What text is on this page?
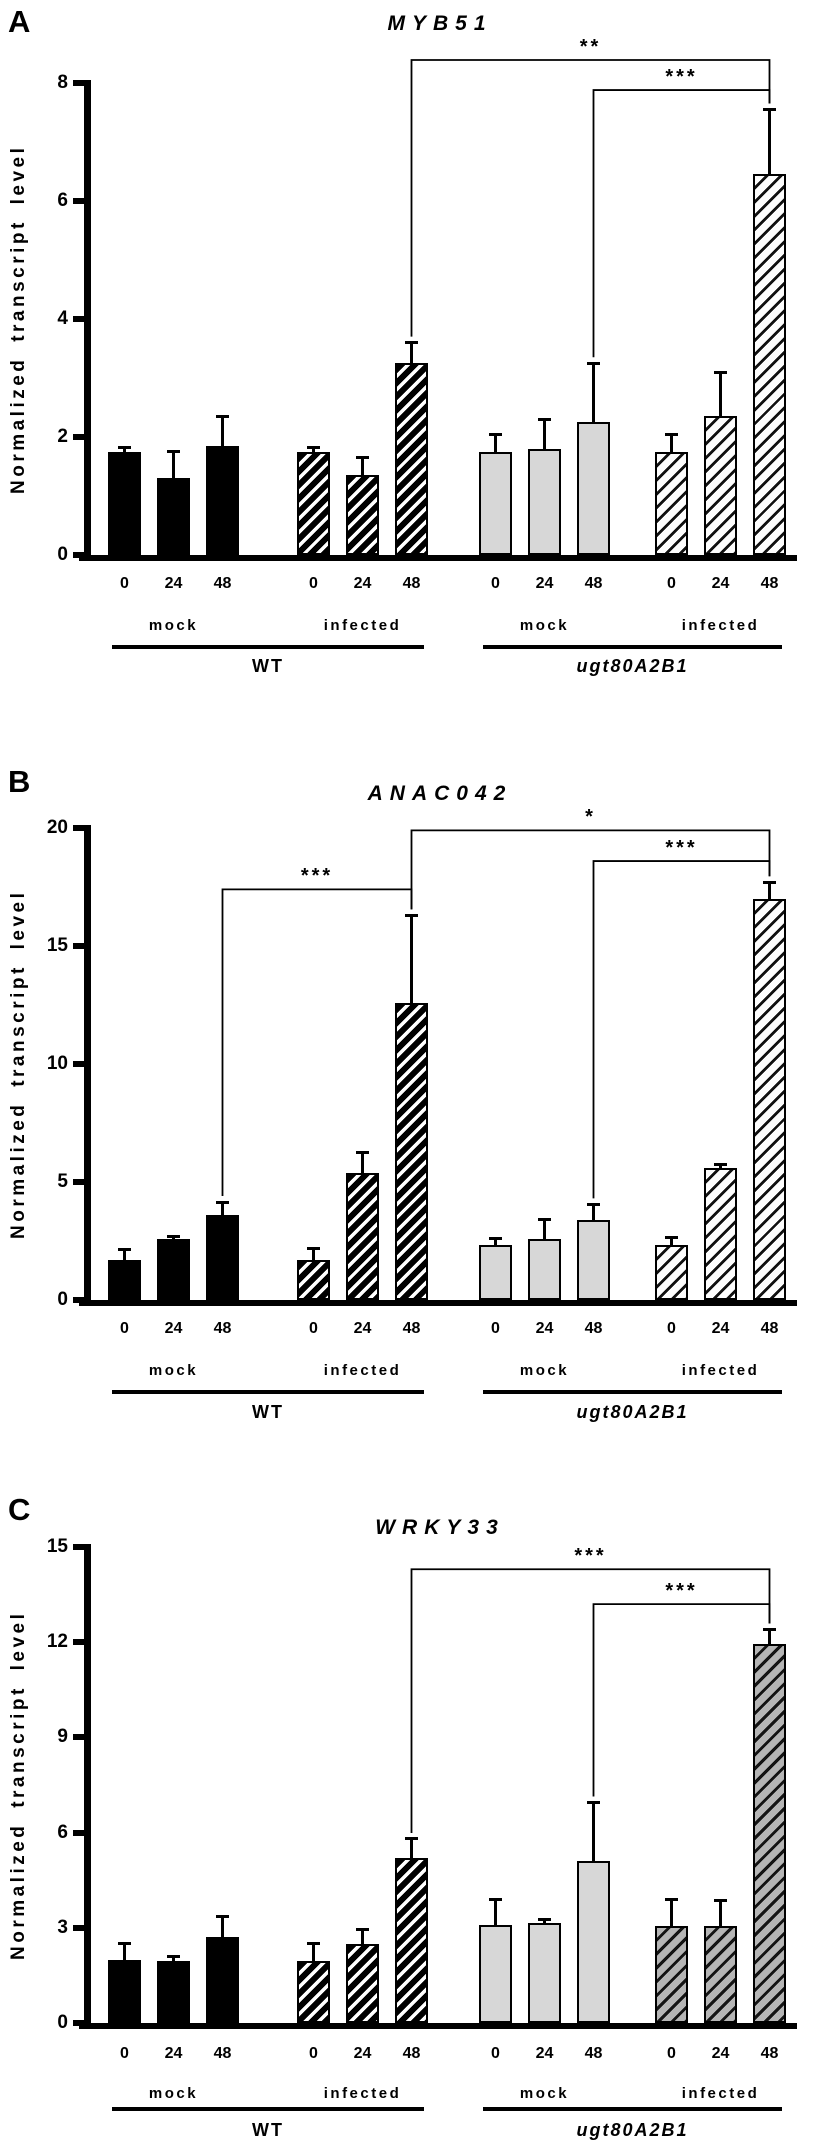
A	MYB51
0
2
4
6
8
Normalized transcript level
0	24	48
mock
0	24	48
infected
0	24	48
mock
0	24	48
infected
WT	ugt80A2B1
**
***
B	ANAC042
0
5
10
15
20
Normalized transcript level
0	24	48
mock
0	24	48
infected
0	24	48
mock
0	24	48
infected
WT	ugt80A2B1
***
*
***
C
WRKY33
0
3
6
9
12
15
Normalized transcript level
0	24	48
mock
0	24	48
infected
0	24	48
mock
0	24	48
infected
WT	ugt80A2B1
***
***
